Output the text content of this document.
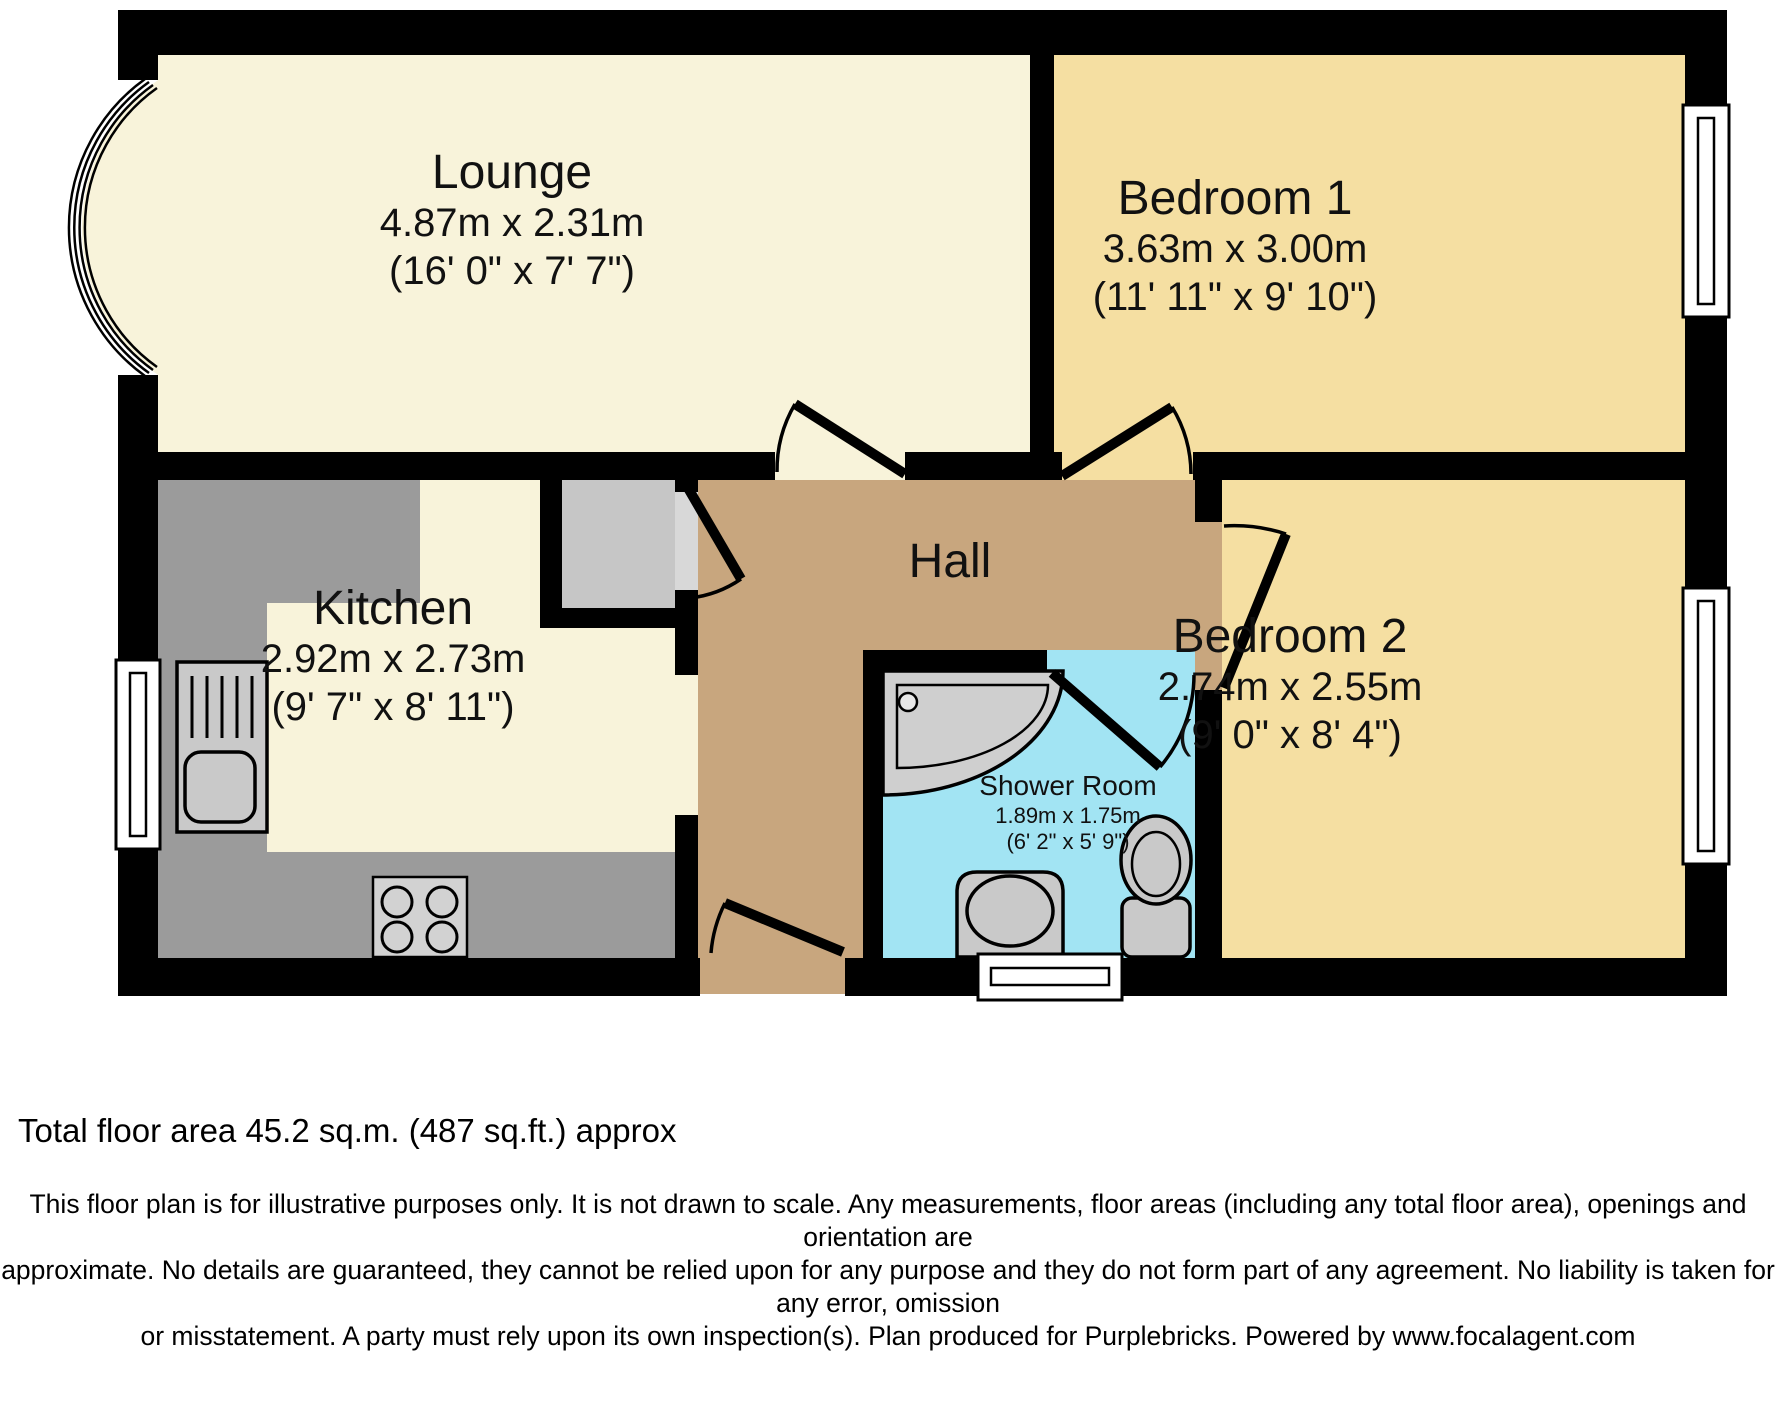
Lounge
4.87m x 2.31m
(16' 0" x 7' 7")
Bedroom 1
3.63m x 3.00m
(11' 11" x 9' 10")
Kitchen
2.92m x 2.73m
(9' 7" x 8' 11")
Hall
Shower Room
1.89m x 1.75m
(6' 2" x 5' 9")
Bedroom 2
2.74m x 2.55m
(9' 0" x 8' 4")
Total floor area 45.2 sq.m. (487 sq.ft.) approx
This floor plan is for illustrative purposes only. It is not drawn to scale. Any measurements, floor areas (including any total floor area), openings and orientation are
approximate. No details are guaranteed, they cannot be relied upon for any purpose and they do not form part of any agreement. No liability is taken for any error, omission
or misstatement. A party must rely upon its own inspection(s). Plan produced for Purplebricks. Powered by www.focalagent.com
